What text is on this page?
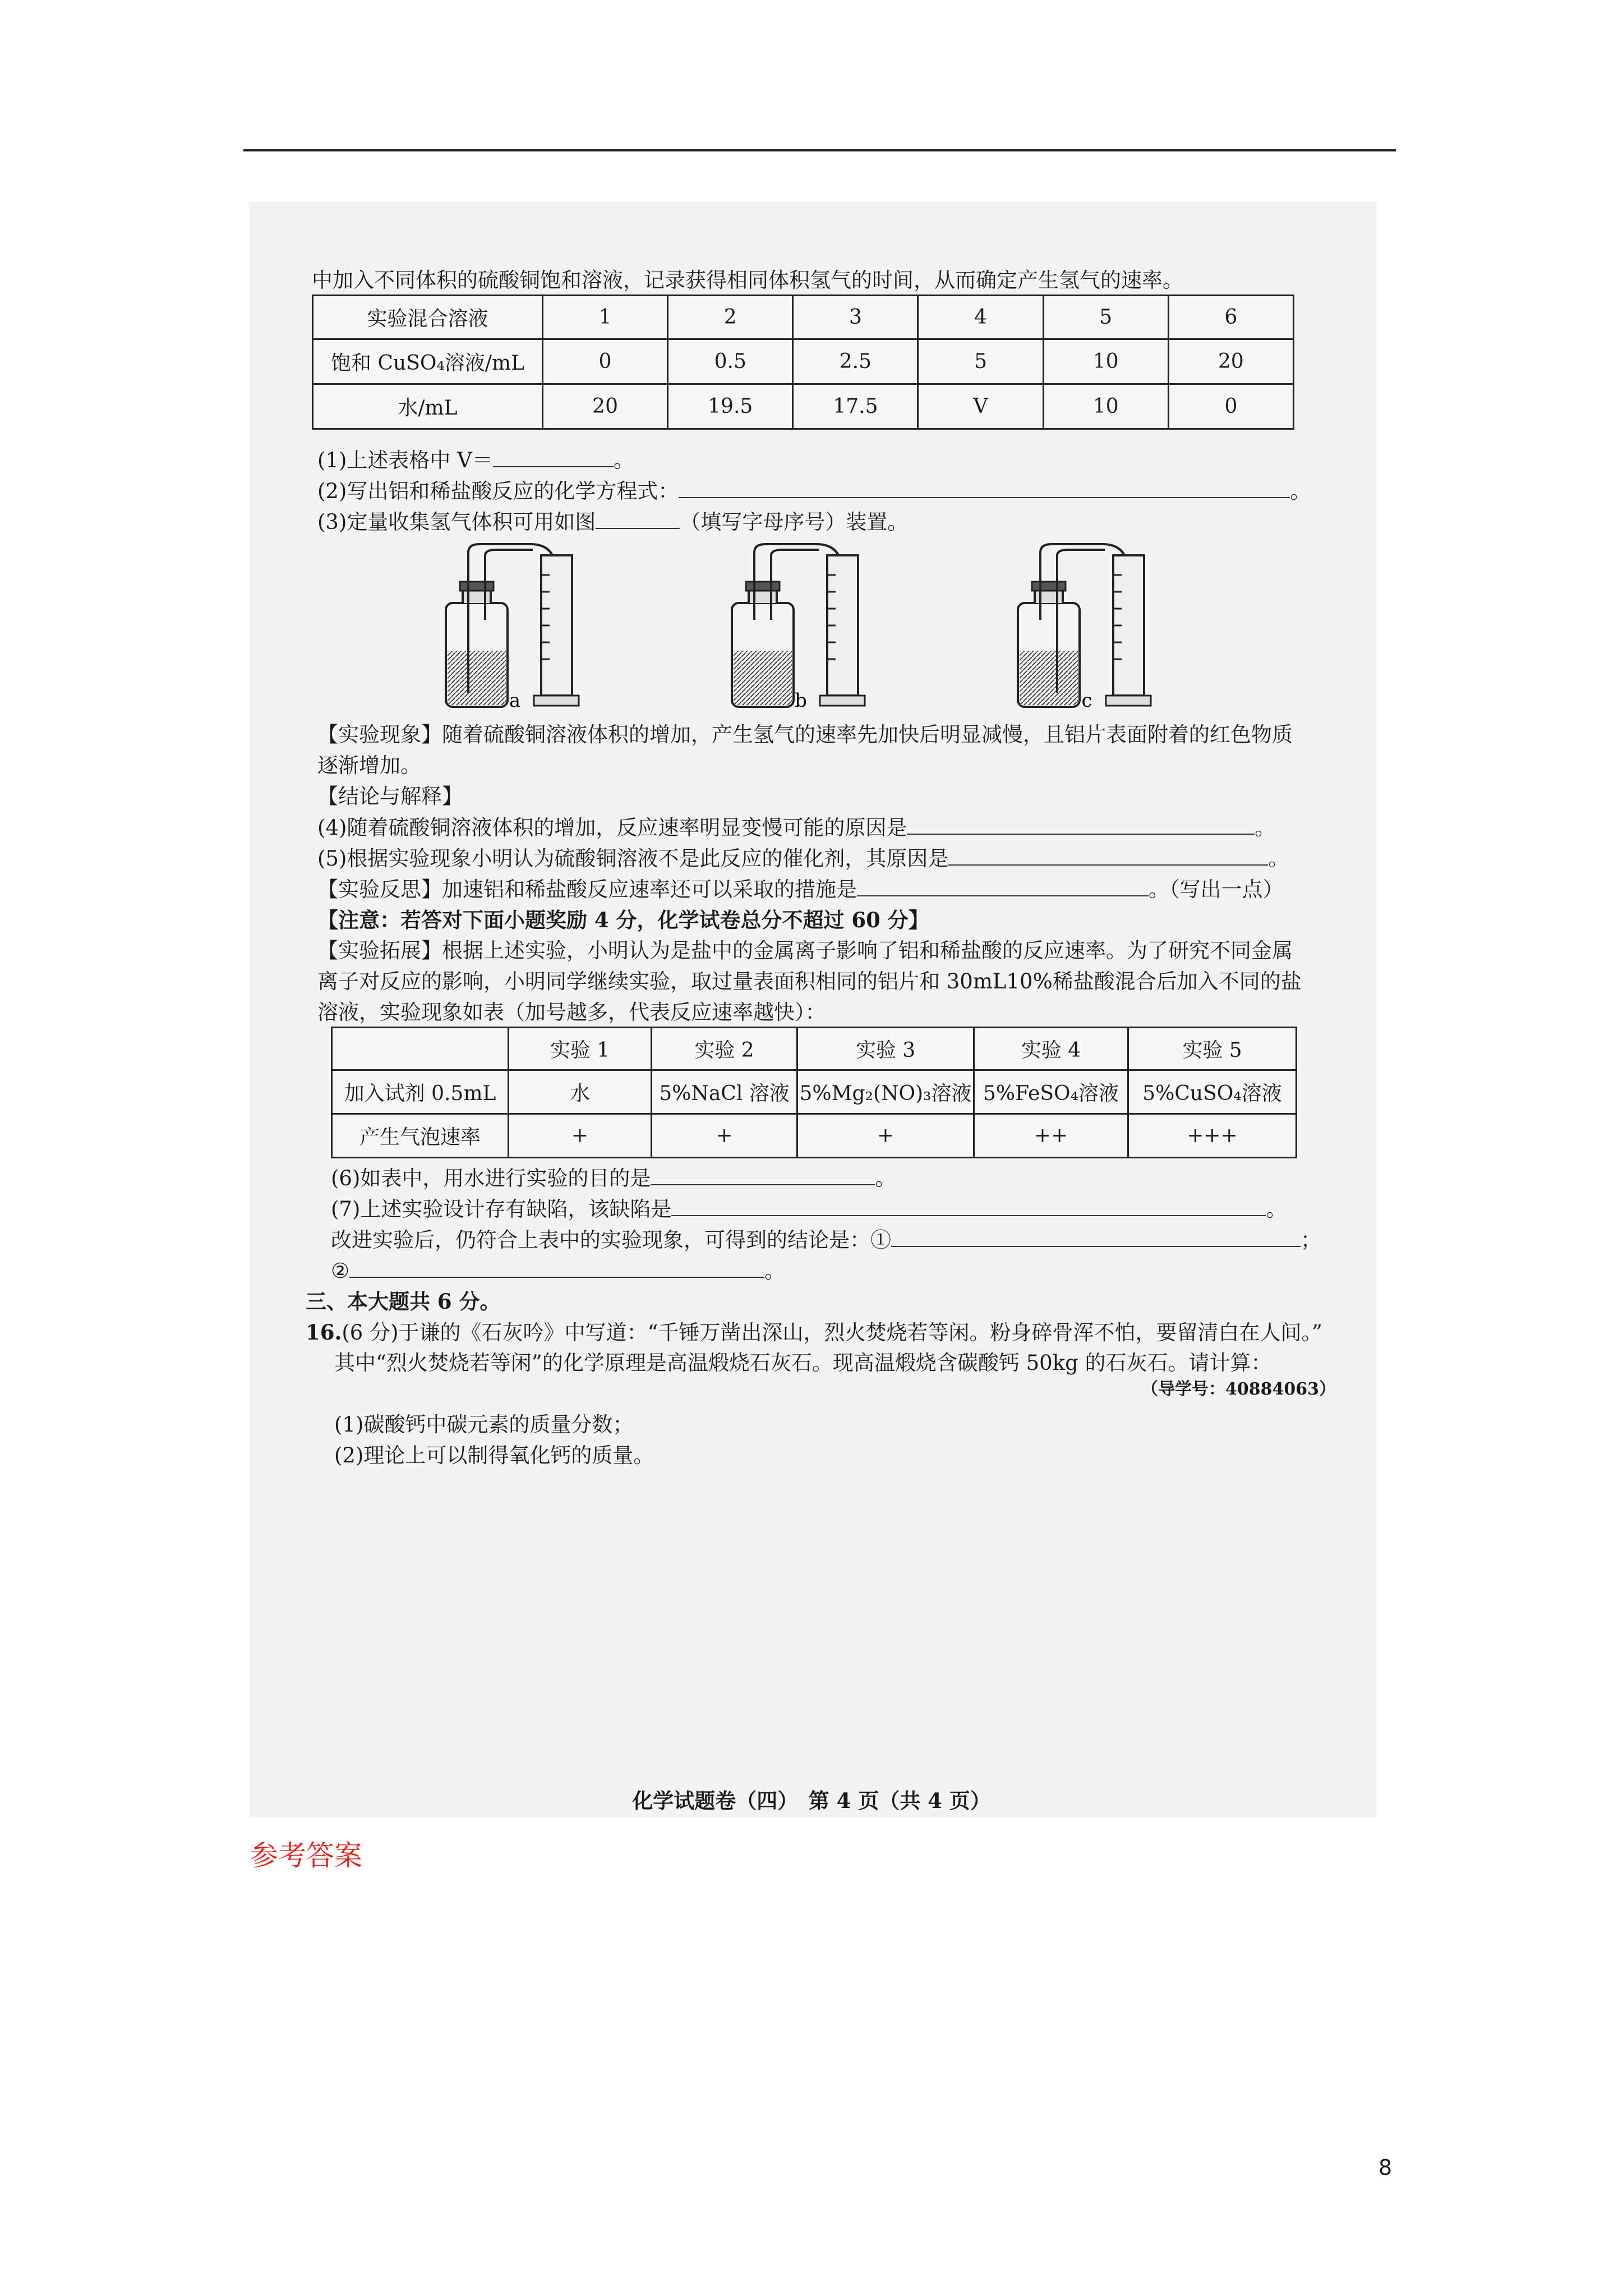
中加入不同体积的硫酸铜饱和溶液，记录获得相同体积氢气的时间，从而确定产生氢气的速率。
实验混合溶液	1	2	3	4	5	6
饱和 CuSO₄溶液/mL	0	0.5	2.5	5	10	20
水/mL	20	19.5	17.5	V	10	0
(1)上述表格中 V＝	。
(2)写出铝和稀盐酸反应的化学方程式：	。
(3)定量收集氢气体积可用如图	（填写字母序号）装置。
a	b	c
【实验现象】随着硫酸铜溶液体积的增加，产生氢气的速率先加快后明显减慢，且铝片表面附着的红色物质
逐渐增加。
【结论与解释】
(4)随着硫酸铜溶液体积的增加，反应速率明显变慢可能的原因是	。
(5)根据实验现象小明认为硫酸铜溶液不是此反应的催化剂，其原因是	。
【实验反思】加速铝和稀盐酸反应速率还可以采取的措施是	。（写出一点）
【注意：若答对下面小题奖励 4 分，化学试卷总分不超过 60 分】
【实验拓展】根据上述实验，小明认为是盐中的金属离子影响了铝和稀盐酸的反应速率。为了研究不同金属
离子对反应的影响，小明同学继续实验，取过量表面积相同的铝片和 30mL10%稀盐酸混合后加入不同的盐
溶液，实验现象如表（加号越多，代表反应速率越快）：
	实验 1	实验 2	实验 3	实验 4	实验 5
加入试剂 0.5mL	水	5%NaCl 溶液	5%Mg₂(NO)₃溶液	5%FeSO₄溶液	5%CuSO₄溶液
产生气泡速率	+	+	+	++	+++
(6)如表中，用水进行实验的目的是	。
(7)上述实验设计存有缺陷，该缺陷是	。
改进实验后，仍符合上表中的实验现象，可得到的结论是：①	；
②	。
三、本大题共 6 分。
16.(6 分)于谦的《石灰吟》中写道：“千锤万凿出深山，烈火焚烧若等闲。粉身碎骨浑不怕，要留清白在人间。”
其中“烈火焚烧若等闲”的化学原理是高温煅烧石灰石。现高温煅烧含碳酸钙 50kg 的石灰石。请计算：
（导学号：40884063）
(1)碳酸钙中碳元素的质量分数；
(2)理论上可以制得氧化钙的质量。
化学试题卷（四）　第 4 页（共 4 页）
参考答案
8
